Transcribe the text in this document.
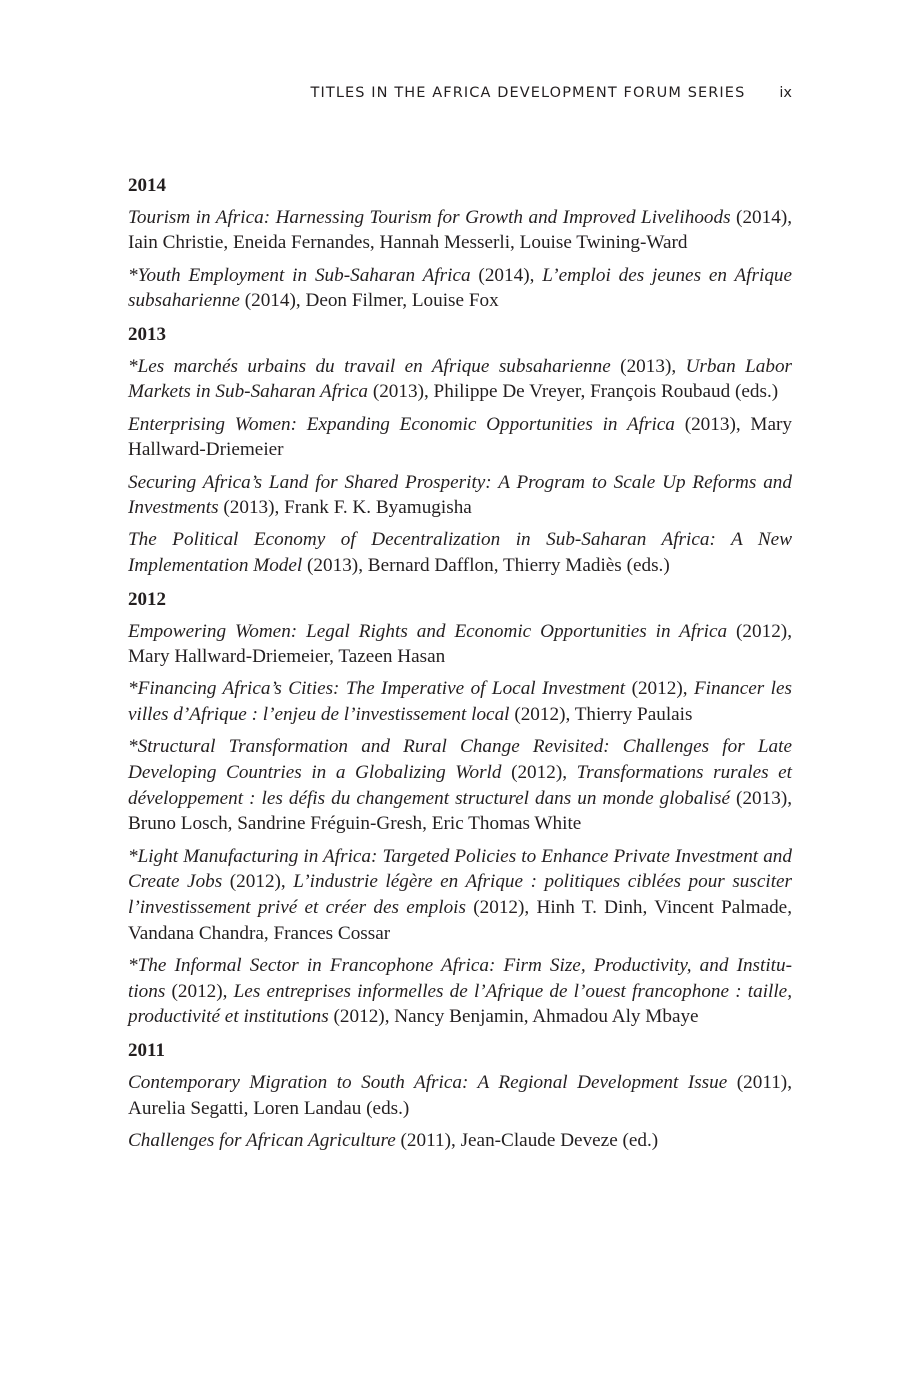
TITLES IN THE AFRICA DEVELOPMENT FORUM SERIES ix
2014

Tourism in Africa: Harnessing Tourism for Growth and Improved Livelihoods (2014), Iain Christie, Eneida Fernandes, Hannah Messerli, Louise Twining-Ward

*Youth Employment in Sub-Saharan Africa (2014), L’emploi des jeunes en Afrique subsaharienne (2014), Deon Filmer, Louise Fox

2013

*Les marchés urbains du travail en Afrique subsaharienne (2013), Urban Labor Markets in Sub-Saharan Africa (2013), Philippe De Vreyer, François Roubaud (eds.)

Enterprising Women: Expanding Economic Opportunities in Africa (2013), Mary Hallward-Driemeier

Securing Africa’s Land for Shared Prosperity: A Program to Scale Up Reforms and Investments (2013), Frank F. K. Byamugisha

The Political Economy of Decentralization in Sub-Saharan Africa: A New Implementation Model (2013), Bernard Dafflon, Thierry Madiès (eds.)

2012

Empowering Women: Legal Rights and Economic Opportunities in Africa (2012), Mary Hallward-Driemeier, Tazeen Hasan

*Financing Africa’s Cities: The Imperative of Local Investment (2012), Financer les villes d’Afrique : l’enjeu de l’investissement local (2012), Thierry Paulais

*Structural Transformation and Rural Change Revisited: Challenges for Late Developing Countries in a Globalizing World (2012), Transformations rurales et développement : les défis du changement structurel dans un monde globalisé (2013), Bruno Losch, Sandrine Fréguin-Gresh, Eric Thomas White

*Light Manufacturing in Africa: Targeted Policies to Enhance Private Investment and Create Jobs (2012), L’industrie légère en Afrique : politiques ciblées pour susciter l’investissement privé et créer des emplois (2012), Hinh T. Dinh, Vincent Palmade, Vandana Chandra, Frances Cossar

*The Informal Sector in Francophone Africa: Firm Size, Productivity, and Institu-tions (2012), Les entreprises informelles de l’Afrique de l’ouest francophone : taille, productivité et institutions (2012), Nancy Benjamin, Ahmadou Aly Mbaye

2011

Contemporary Migration to South Africa: A Regional Development Issue (2011), Aurelia Segatti, Loren Landau (eds.)

Challenges for African Agriculture (2011), Jean-Claude Deveze (ed.)
